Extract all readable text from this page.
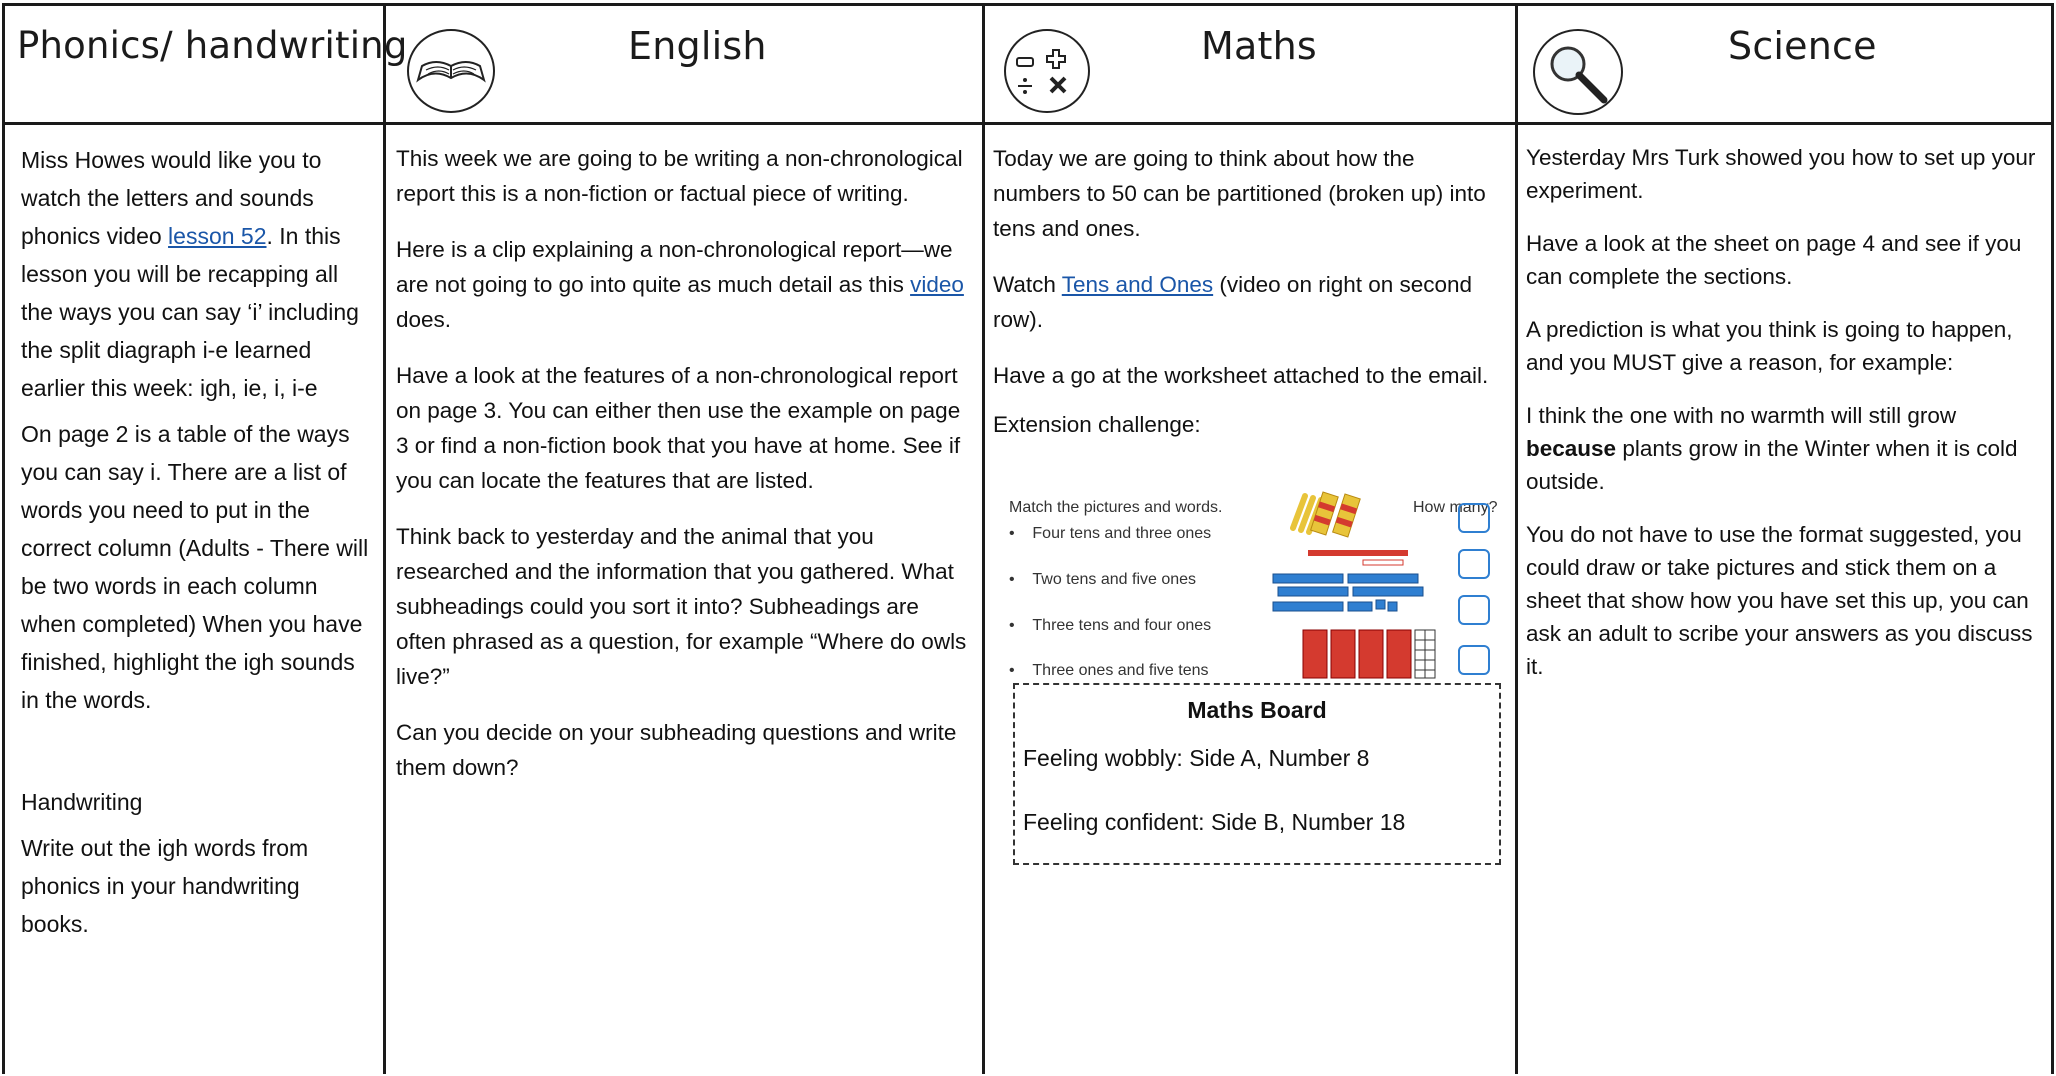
Phonics/ handwriting

Miss Howes would like you to watch the letters and sounds phonics video lesson 52. In this lesson you will be recapping all the ways you can say ‘i’ including the split diagraph i-e learned earlier this week: igh, ie, i, i-e

On page 2 is a table of the ways you can say i. There are a list of words you need to put in the correct column (Adults - There will be two words in each column when completed) When you have finished, highlight the igh sounds in the words.

Handwriting

Write out the igh words from phonics in your handwriting books.

English

This week we are going to be writing a non-chronological report this is a non-fiction or factual piece of writing.

Here is a clip explaining a non-chronological report—we are not going to go into quite as much detail as this video does.

Have a look at the features of a non-chronological report on page 3. You can either then use the example on page 3 or find a non-fiction book that you have at home. See if you can locate the features that are listed.

Think back to yesterday and the animal that you researched and the information that you gathered. What subheadings could you sort it into? Subheadings are often phrased as a question, for example “Where do owls live?”

Can you decide on your subheading questions and write them down?

Maths

Today we are going to think about how the numbers to 50 can be partitioned (broken up) into tens and ones.

Watch Tens and Ones (video on right on second row).

Have a go at the worksheet attached to the email.

Extension challenge:

Match the pictures and words.	How many?
• Four tens and three ones
• Two tens and five ones
• Three tens and four ones
• Three ones and five tens
Maths Board
Feeling wobbly: Side A, Number 8
Feeling confident: Side B, Number 18
Science

Yesterday Mrs Turk showed you how to set up your experiment.

Have a look at the sheet on page 4 and see if you can complete the sections.

A prediction is what you think is going to happen, and you MUST give a reason, for example:

I think the one with no warmth will still grow because plants grow in the Winter when it is cold outside.

You do not have to use the format suggested, you could draw or take pictures and stick them on a sheet that show how you have set this up, you can ask an adult to scribe your answers as you discuss it.
